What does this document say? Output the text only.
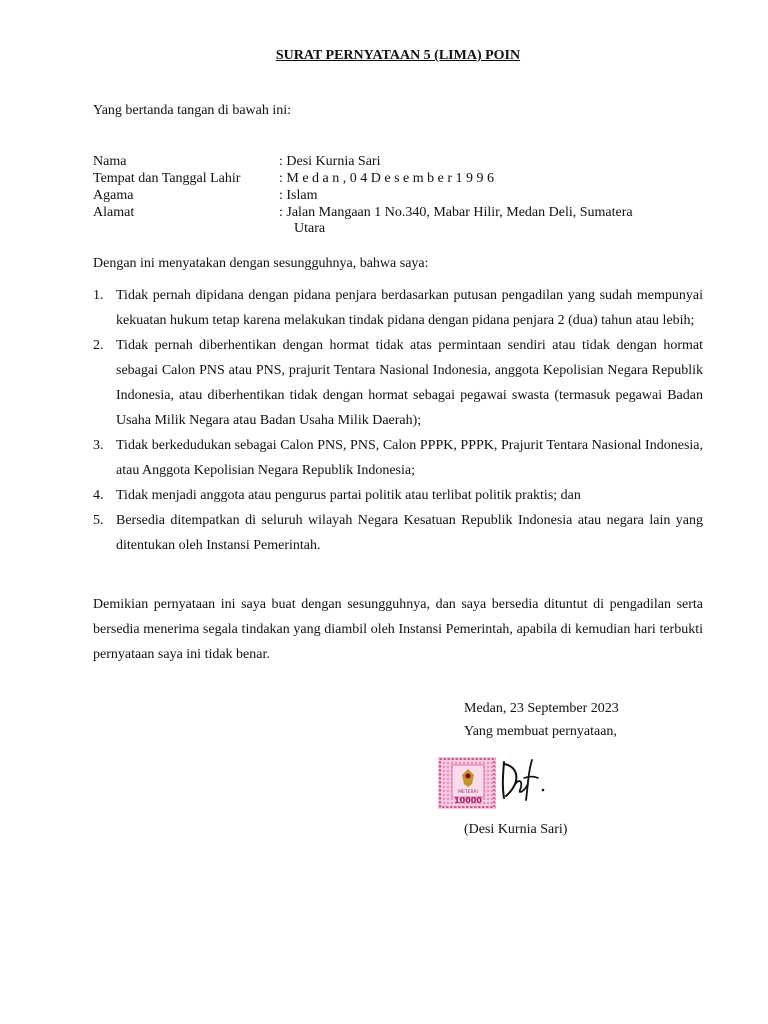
SURAT PERNYATAAN 5 (LIMA) POIN
Yang bertanda tangan di bawah ini:
Nama	: Desi Kurnia Sari
Tempat dan Tanggal Lahir	: M e d a n , 0 4 D e s e m b e r 1 9 9 6
Agama	: Islam
Alamat	: Jalan Mangaan 1 No.340, Mabar Hilir, Medan Deli, Sumatera
Utara
Dengan ini menyatakan dengan sesungguhnya, bahwa saya:
1. Tidak pernah dipidana dengan pidana penjara berdasarkan putusan pengadilan yang sudah mempunyai kekuatan hukum tetap karena melakukan tindak pidana dengan pidana penjara 2 (dua) tahun atau lebih;
2. Tidak pernah diberhentikan dengan hormat tidak atas permintaan sendiri atau tidak dengan hormat sebagai Calon PNS atau PNS, prajurit Tentara Nasional Indonesia, anggota Kepolisian Negara Republik Indonesia, atau diberhentikan tidak dengan hormat sebagai pegawai swasta (termasuk pegawai Badan Usaha Milik Negara atau Badan Usaha Milik Daerah);
3. Tidak berkedudukan sebagai Calon PNS, PNS, Calon PPPK, PPPK, Prajurit Tentara Nasional Indonesia, atau Anggota Kepolisian Negara Republik Indonesia;
4. Tidak menjadi anggota atau pengurus partai politik atau terlibat politik praktis; dan
5. Bersedia ditempatkan di seluruh wilayah Negara Kesatuan Republik Indonesia atau negara lain yang ditentukan oleh Instansi Pemerintah.
Demikian pernyataan ini saya buat dengan sesungguhnya, dan saya bersedia dituntut di pengadilan serta bersedia menerima segala tindakan yang diambil oleh Instansi Pemerintah, apabila di kemudian hari terbukti pernyataan saya ini tidak benar.
Medan, 23 September 2023
Yang membuat pernyataan,
METERAI
10000
(Desi Kurnia Sari)
